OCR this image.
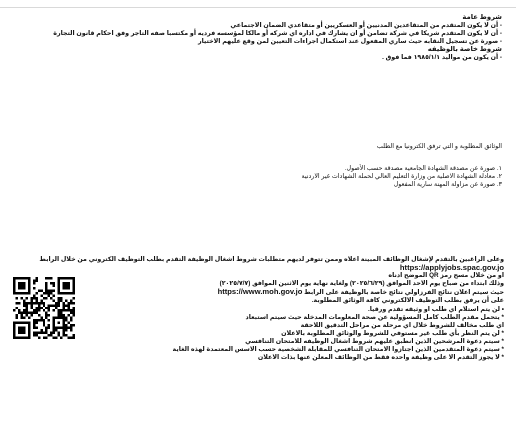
شروط عامة
- أن لا يكون المتقدم من المتقاعدين المدنيين أو العسكريين أو متقاعدي الضمان الاجتماعي
- أن لا يكون المتقدم شريكا في شركة تضامن أو ان يشارك في اداره اي شركه أو مالكا لمؤسسه فرديه أو مكتسبا صفه التاجر وفق احكام قانون التجارة
- صورة عن تسجيل النقابه حيث ساري المفعول عند استكمال اجراءات التعيين لمن وقع عليهم الاختيار
شروط خاصة بالوظيفه
- أن يكون من مواليد ١٩٨٥/١/١ فما فوق .
الوثائق المطلوبة و التي ترفق الكترونيا مع الطلب
١. صورة عن مصدقة الشهادة الجامعية مصدقة حسب الأصول.
٢. معادلة الشهادة الاصلية من وزارة التعليم العالي لحملة الشهادات غير الاردنية
٣. صورة عن مزاولة المهنة سارية المفعول
وعلى الراغبين بالتقدم لإشغال الوظائف المبينة اعلاه وممن تتوفر لديهم متطلبات شروط اشغال الوظيفة التقدم بطلب التوظيف الكتروني من خلال الرابط
https://applyjobs.spac.gov.jo
او من خلال مسح رمز QR الموضح ادناه
وذلك ابتداء من صباح يوم الاحد الموافق (٢٠٢٥/٦/٢٩) ولغاية نهاية يوم الاثنين الموافق (٢٠٢٥/٧/٧)
حيث سيتم اعلان نتائج الفرزاولي نتائج خاصة بالوظيفة على الرابط https://www.moh.gov.jo
على أن يرفق بطلب التوظيف الالكتروني كافة الوثائق المطلوبة.
• لن يتم استلام اي طلب او وثيقه تقدم ورقيا.
* يتحمل مقدم الطلب كامل المسؤولية عن صحة المعلومات المدخلة حيث سيتم استبعاد
اي طلب مخالف للشروط خلال اي مرحلة من مراحل التدقيق اللاحقة
* لن يتم النظر بأي طلب غير مستوفي للشروط والوثائق المطلوبة بالاعلان
* سيتم دعوة المرشحين الذين انطبق عليهم شروط اشغال الوظيفه للامتحان التنافسي
* سيتم دعوة المتقدمين الذين اجتازوا الامتحان التنافسي للمقابلة الشخصية حسب الاسس المعتمدة لهذه الغاية
* لا يجوز التقدم الا على وظيفة واحده فقط من الوظائف المعلن عنها بذات الاعلان
